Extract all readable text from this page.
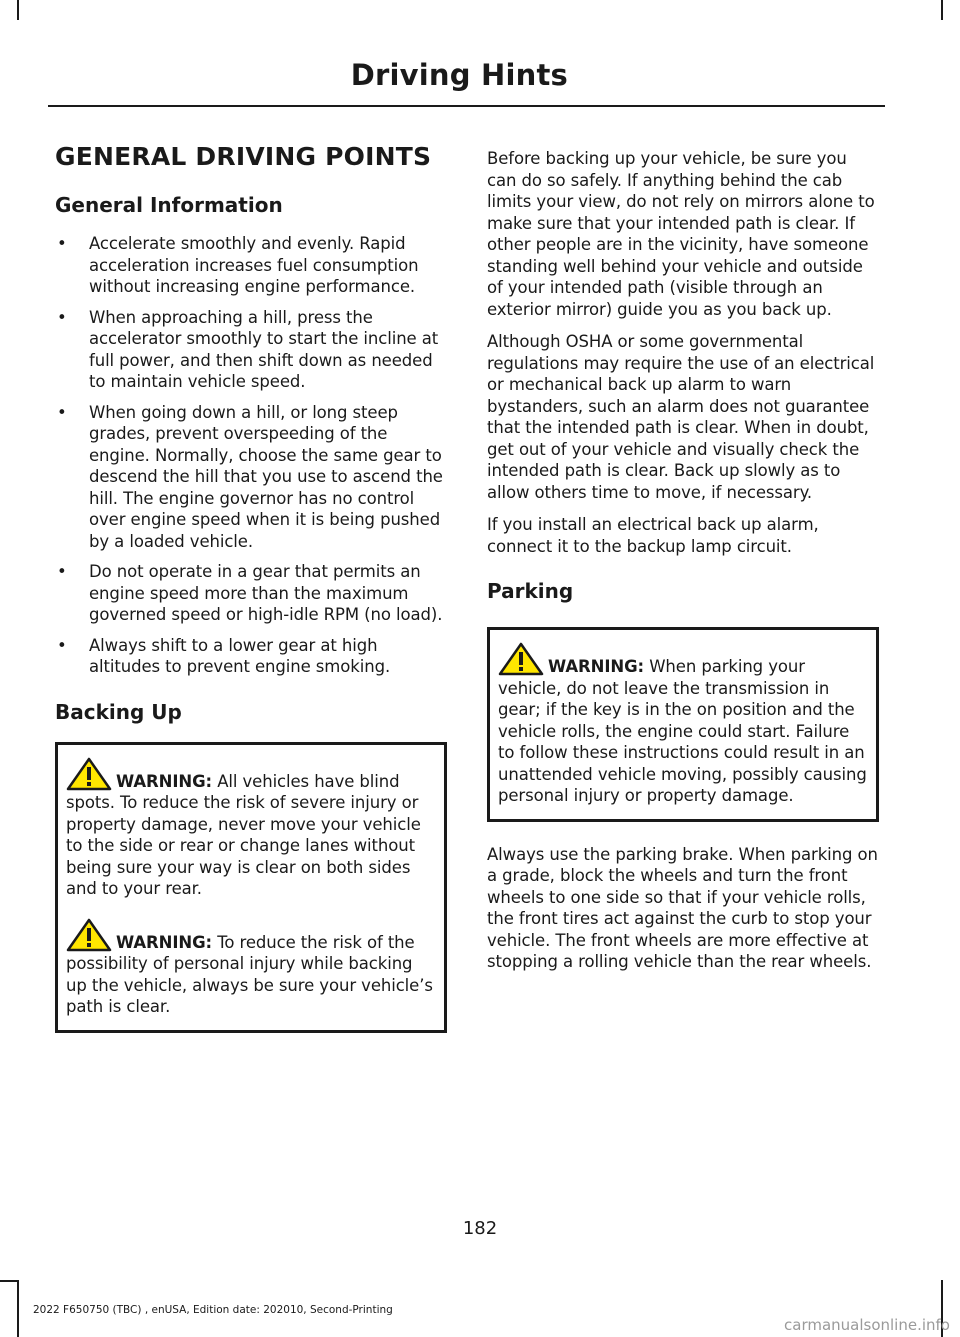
Driving Hints
GENERAL DRIVING POINTS
General Information
• Accelerate smoothly and evenly. Rapid acceleration increases fuel consumption without increasing engine performance.
• When approaching a hill, press the accelerator smoothly to start the incline at full power, and then shift down as needed to maintain vehicle speed.
• When going down a hill, or long steep grades, prevent overspeeding of the engine. Normally, choose the same gear to descend the hill that you use to ascend the hill. The engine governor has no control over engine speed when it is being pushed by a loaded vehicle.
• Do not operate in a gear that permits an engine speed more than the maximum governed speed or high-idle RPM (no load).
• Always shift to a lower gear at high altitudes to prevent engine smoking.
Backing Up

WARNING: All vehicles have blind spots. To reduce the risk of severe injury or property damage, never move your vehicle to the side or rear or change lanes without being sure your way is clear on both sides and to your rear.

WARNING: To reduce the risk of the possibility of personal injury while backing up the vehicle, always be sure your vehicle’s path is clear.

Before backing up your vehicle, be sure you can do so safely. If anything behind the cab limits your view, do not rely on mirrors alone to make sure that your intended path is clear. If other people are in the vicinity, have someone standing well behind your vehicle and outside of your intended path (visible through an exterior mirror) guide you as you back up.

Although OSHA or some governmental regulations may require the use of an electrical or mechanical back up alarm to warn bystanders, such an alarm does not guarantee that the intended path is clear. When in doubt, get out of your vehicle and visually check the intended path is clear. Back up slowly as to allow others time to move, if necessary.

If you install an electrical back up alarm, connect it to the backup lamp circuit.

Parking

WARNING: When parking your vehicle, do not leave the transmission in gear; if the key is in the on position and the vehicle rolls, the engine could start. Failure to follow these instructions could result in an unattended vehicle moving, possibly causing personal injury or property damage.

Always use the parking brake. When parking on a grade, block the wheels and turn the front wheels to one side so that if your vehicle rolls, the front tires act against the curb to stop your vehicle. The front wheels are more effective at stopping a rolling vehicle than the rear wheels.

182
2022 F650750 (TBC) , enUSA, Edition date: 202010, Second-Printing
carmanualsonline.info
